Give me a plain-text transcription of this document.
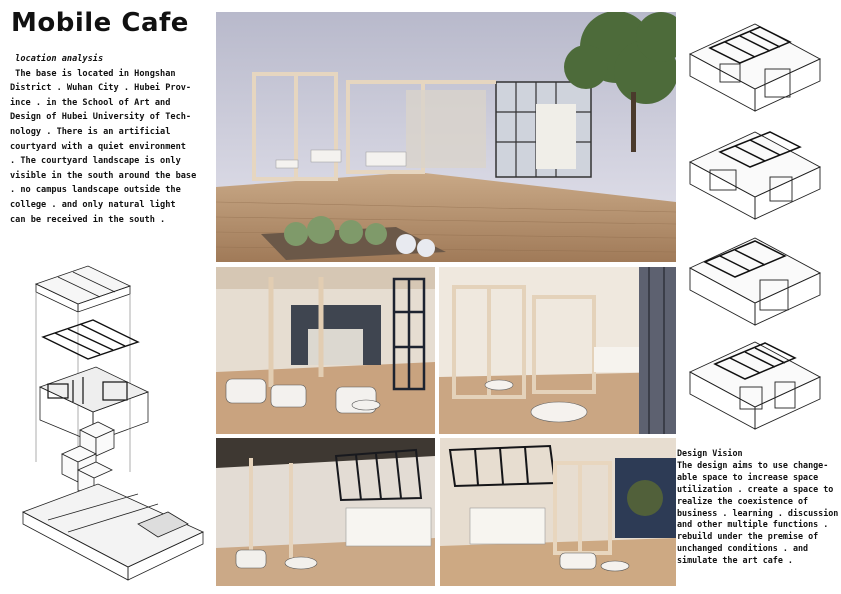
Mobile Cafe
location analysis
The base is located in Hongshan
District . Wuhan City . Hubei Prov-
ince . in the School of Art and
Design of Hubei University of Tech-
nology . There is an artificial
courtyard with a quiet environment
. The courtyard landscape is only
visible in the south around the base
. no campus landscape outside the
college . and only natural light
can be received in the south .
Design Vision
The design aims to use change-
able space to increase space
utilization . create a space to
realize the coexistence of
business . learning . discussion
and other multiple functions .
rebuild under the premise of
unchanged conditions . and
simulate the art cafe .
